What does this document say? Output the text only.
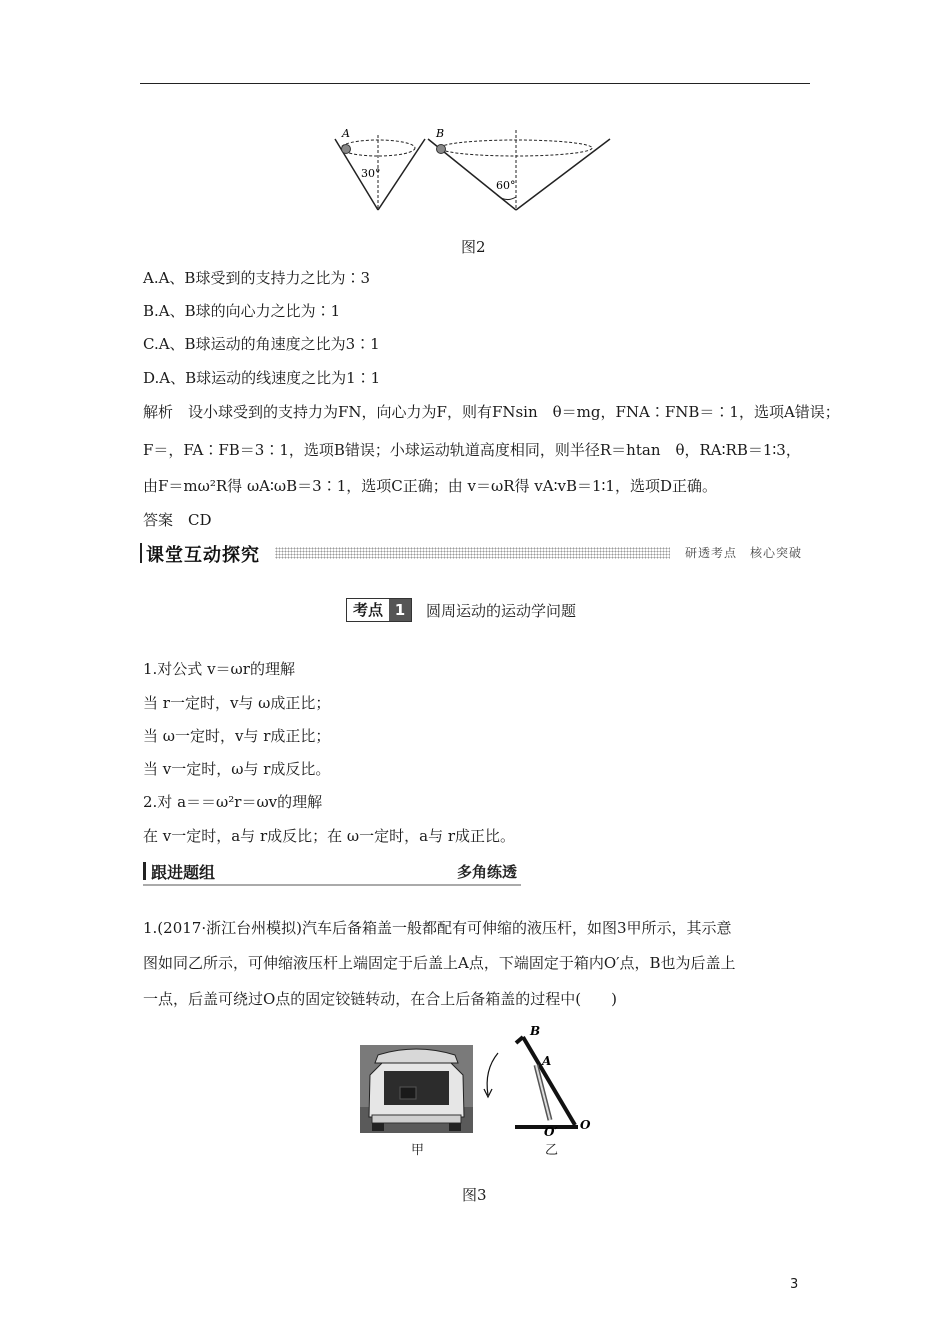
A	B
30°
60°
图2
A.A、B球受到的支持力之比为∶3
B.A、B球的向心力之比为∶1
C.A、B球运动的角速度之比为3∶1
D.A、B球运动的线速度之比为1∶1
解析　设小球受到的支持力为FN，向心力为F，则有FNsin　θ＝mg，FNA∶FNB＝∶1，选项A错误；
F＝，FA∶FB＝3∶1，选项B错误；小球运动轨道高度相同，则半径R＝htan　θ，RA∶RB＝1∶3，
由F＝mω²R得 ωA∶ωB＝3∶1，选项C正确；由 v＝ωR得 vA∶vB＝1∶1，选项D正确。
答案　CD
课堂互动探究	研透考点　核心突破
考点 1	圆周运动的运动学问题
1.对公式 v＝ωr的理解
当 r一定时，v与 ω成正比；
当 ω一定时，v与 r成正比；
当 v一定时，ω与 r成反比。
2.对 a＝＝ω²r＝ωv的理解
在 v一定时，a与 r成反比；在 ω一定时，a与 r成正比。
跟进题组	多角练透
1.(2017·浙江台州模拟)汽车后备箱盖一般都配有可伸缩的液压杆，如图3甲所示，其示意
图如同乙所示，可伸缩液压杆上端固定于后盖上A点，下端固定于箱内O′点，B也为后盖上
一点，后盖可绕过O点的固定铰链转动，在合上后备箱盖的过程中(　　)
甲
B
A
O
O′
乙
图3
3
